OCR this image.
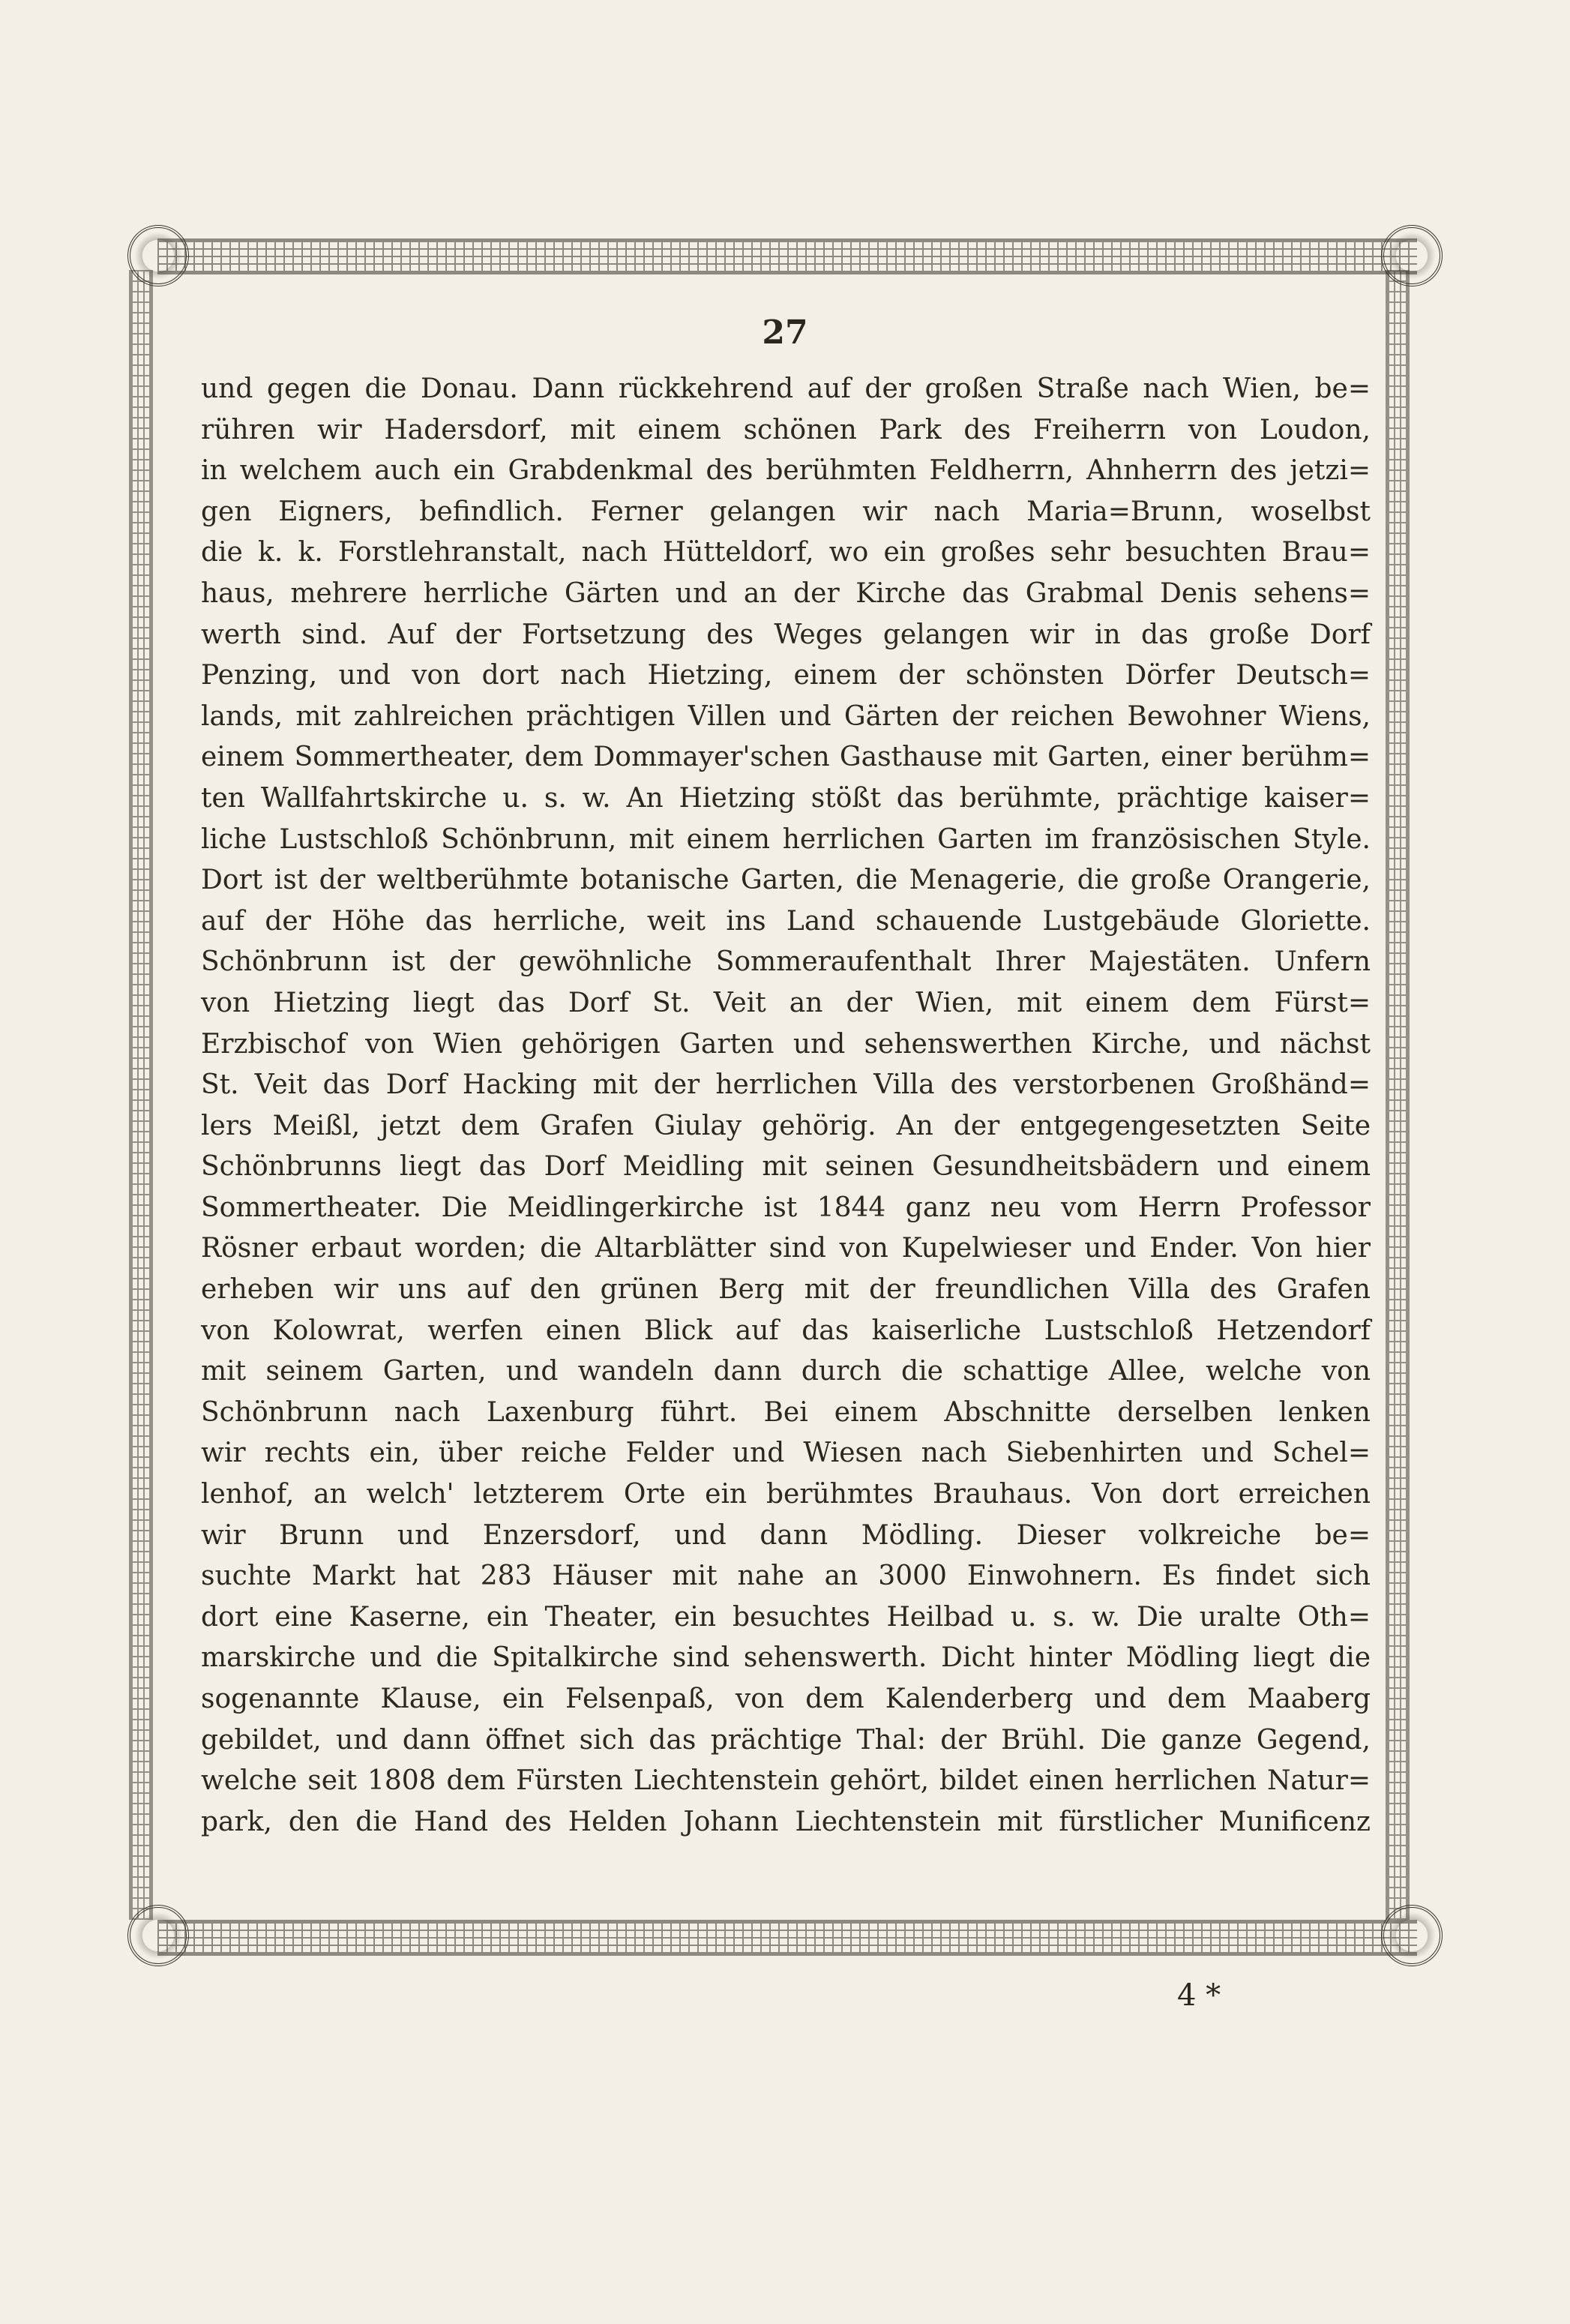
27
und gegen die Donau. Dann rückkehrend auf der großen Straße nach Wien, be=
rühren wir Hadersdorf, mit einem schönen Park des Freiherrn von Loudon,
in welchem auch ein Grabdenkmal des berühmten Feldherrn, Ahnherrn des jetzi=
gen Eigners, befindlich. Ferner gelangen wir nach Maria=Brunn, woselbst
die k. k. Forstlehranstalt, nach Hütteldorf, wo ein großes sehr besuchten Brau=
haus, mehrere herrliche Gärten und an der Kirche das Grabmal Denis sehens=
werth sind. Auf der Fortsetzung des Weges gelangen wir in das große Dorf
Penzing, und von dort nach Hietzing, einem der schönsten Dörfer Deutsch=
lands, mit zahlreichen prächtigen Villen und Gärten der reichen Bewohner Wiens,
einem Sommertheater, dem Dommayer'schen Gasthause mit Garten, einer berühm=
ten Wallfahrtskirche u. s. w. An Hietzing stößt das berühmte, prächtige kaiser=
liche Lustschloß Schönbrunn, mit einem herrlichen Garten im französischen Style.
Dort ist der weltberühmte botanische Garten, die Menagerie, die große Orangerie,
auf der Höhe das herrliche, weit ins Land schauende Lustgebäude Gloriette.
Schönbrunn ist der gewöhnliche Sommeraufenthalt Ihrer Majestäten. Unfern
von Hietzing liegt das Dorf St. Veit an der Wien, mit einem dem Fürst=
Erzbischof von Wien gehörigen Garten und sehenswerthen Kirche, und nächst
St. Veit das Dorf Hacking mit der herrlichen Villa des verstorbenen Großhänd=
lers Meißl, jetzt dem Grafen Giulay gehörig. An der entgegengesetzten Seite
Schönbrunns liegt das Dorf Meidling mit seinen Gesundheitsbädern und einem
Sommertheater. Die Meidlingerkirche ist 1844 ganz neu vom Herrn Professor
Rösner erbaut worden; die Altarblätter sind von Kupelwieser und Ender. Von hier
erheben wir uns auf den grünen Berg mit der freundlichen Villa des Grafen
von Kolowrat, werfen einen Blick auf das kaiserliche Lustschloß Hetzendorf
mit seinem Garten, und wandeln dann durch die schattige Allee, welche von
Schönbrunn nach Laxenburg führt. Bei einem Abschnitte derselben lenken
wir rechts ein, über reiche Felder und Wiesen nach Siebenhirten und Schel=
lenhof, an welch' letzterem Orte ein berühmtes Brauhaus. Von dort erreichen
wir Brunn und Enzersdorf, und dann Mödling. Dieser volkreiche be=
suchte Markt hat 283 Häuser mit nahe an 3000 Einwohnern. Es findet sich
dort eine Kaserne, ein Theater, ein besuchtes Heilbad u. s. w. Die uralte Oth=
marskirche und die Spitalkirche sind sehenswerth. Dicht hinter Mödling liegt die
sogenannte Klause, ein Felsenpaß, von dem Kalenderberg und dem Maaberg
gebildet, und dann öffnet sich das prächtige Thal: der Brühl. Die ganze Gegend,
welche seit 1808 dem Fürsten Liechtenstein gehört, bildet einen herrlichen Natur=
park, den die Hand des Helden Johann Liechtenstein mit fürstlicher Munificenz
4 *
